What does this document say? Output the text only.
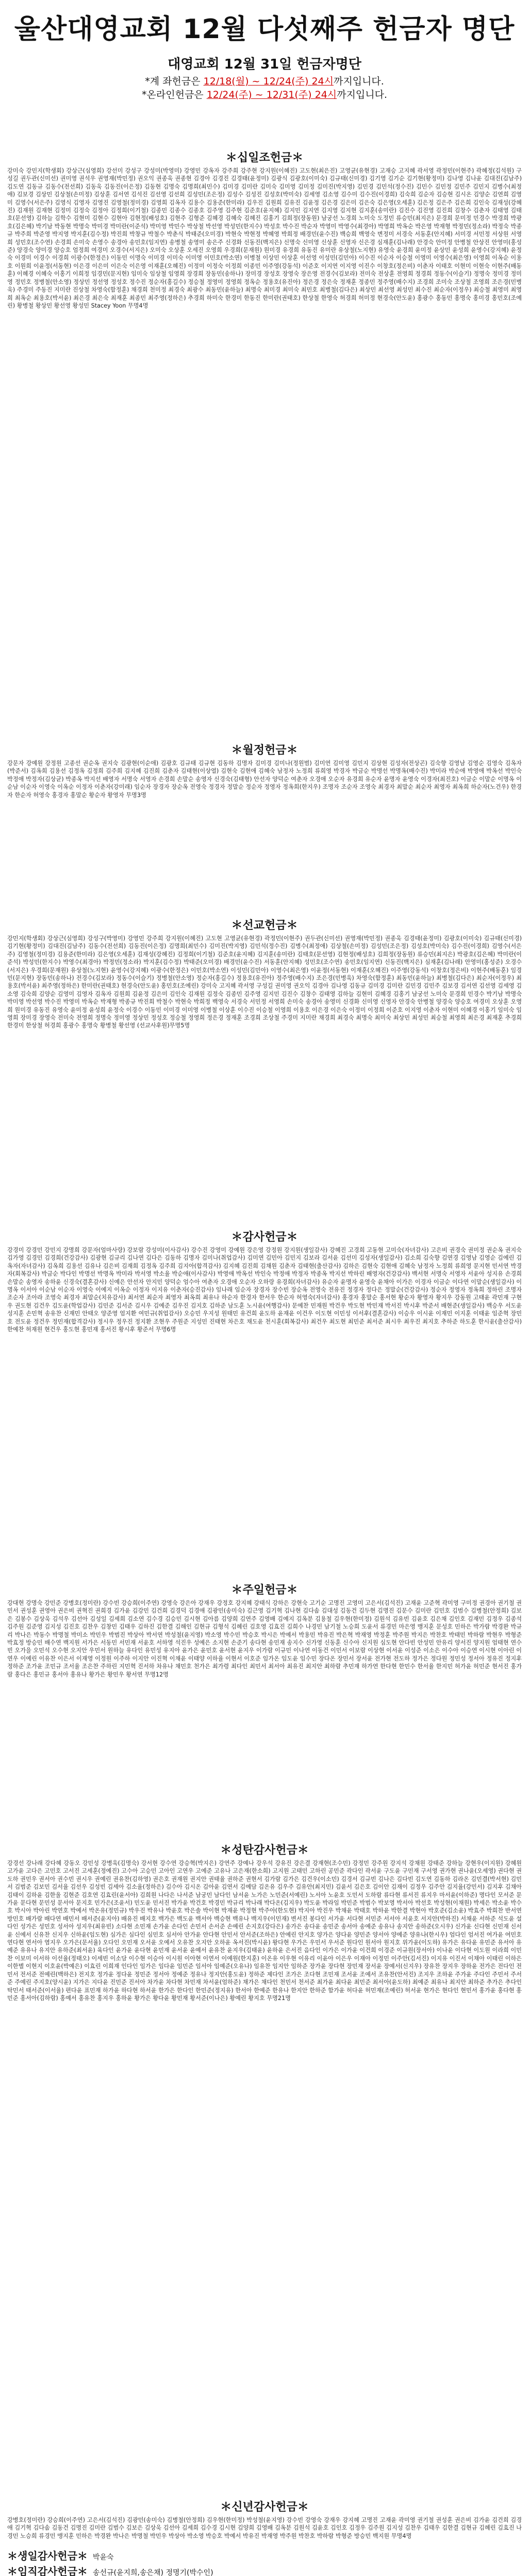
울산대영교회 12월 다섯째주 헌금자 명단
대영교회 12월 31일 헌금자명단
*계 좌헌금은 12/18(월) ~ 12/24(주) 24시까지입니다.
*온라인헌금은 12/24(주) ~ 12/31(주) 24시까지입니다.
＊십일조헌금＊
강미숙 강민지(학생회) 강상근(심영희) 강선미 강성구 강성미(박영미) 강영민 강옥자 강주희 강주현 강지원(이혜진) 고도현(최은진) 고영균(유현경) 고재승 고지혜 곽서영 곽정민(이현주) 곽혜정(김석원) 구성길 권두관(신미선) 권미영 권석우 권영재(박민정) 권오익 권종욱 권종현 김경아 김경진 김경태(윤정미) 김광식 김광호(이미숙) 김규태(신미경) 김기영 김기순 김기현(황정미) 김나영 김나윤 김대진(김남주) 김도연 김동규 김동수(전선희) 김동욱 김동진(이은정) 김동현 김명숙 김명희(최민수) 김미경 김미란 김미숙 김미영 김미정 김미진(박지영) 김민경 김민석(정수진) 김민수 김민정 김민주 김민지 김병수(최정애) 김보경 김상민 김상철(손미정) 김상훈 김서연 김석진 김선영 김선희 김성민(조은정) 김성수 김성진 김성호(박미숙) 김세영 김소영 김수미 김수진(이경희) 김숙희 김순자 김승현 김시온 김양순 김연희 김영미 김영수(서은주) 김영식 김영자 김영진 김영철(정미경) 김영희 김옥자 김용수 김용준(한미라) 김우진 김원희 김유진 김윤정 김은경 김은미 김은숙 김은영(오세훈) 김은정 김은주 김은희 김인숙 김재성(강혜진) 김재원 김재현 김정미 김정숙 김정아 김정희(이기철) 김종민 김종수 김종호 김주영 김주현 김준호(윤지혜) 김지민 김지연 김지영 김지현 김지훈(송미란) 김진수 김진영 김진희 김창수 김춘자 김태영 김태호(문선영) 김하늘 김학수 김현미 김현수 김현아 김현정(배성호) 김현주 김형준 김혜경 김혜숙 김혜진 김홍기 김희정(장동원) 남궁선 노경희 노미숙 도정민 류승민(최지은) 문경희 문미정 민경수 박경희 박광호(김은혜) 박기남 박동현 박명숙 박미경 박미란(이준석) 박미영 박민수 박상철 박선영 박성민(한지수) 박성호 박수진 박순자 박영미 박영수(최경아) 박영희 박옥순 박은영 박재형 박정민(정소라) 박정숙 박종규 박주희 박준영 박지영 박지훈(김수정) 박진희 박창규 박철수 박춘식 박태준(오미경) 박현숙 박현정 박혜영 박희정 배경민(윤수진) 백승희 백영숙 변정미 서경숙 서동훈(안지혜) 서미경 서민정 서상원 서영희 성민호(조수연) 손경희 손미숙 손영수 송경아 송민호(임지연) 송병철 송영미 송은주 신경화 신동진(백지은) 신명숙 신미영 신상훈 신영자 신은경 심재훈(김나래) 안경숙 안미정 안병철 안상진 안영미(홍성준) 양경숙 양미경 양승호 엄정희 여경미 오경수(서지은) 오미숙 오상훈 오세진 오영희 우경희(문재원) 원미경 유경희 유동진 유미란 유상철(노지현) 유영숙 윤경희 윤미정 윤상민 윤성희 윤영수(강지혜) 윤정숙 이경미 이경수 이경희 이광수(한정은) 이동민 이명숙 이미경 이미숙 이미영 이민호(박소연) 이병철 이상민 이상훈 이선영 이성민(김민아) 이수진 이순자 이승철 이영미 이영수(최은영) 이영희 이옥순 이용호 이원희 이윤정(서동현) 이은경 이은미 이은숙 이은영 이재훈(오혜진) 이정미 이정숙 이정희 이종민 이주영(강동석) 이준호 이지연 이지영 이진수 이창호(정은비) 이춘자 이태호 이현미 이현숙 이현주(배동훈) 이혜경 이혜숙 이홍기 이희정 임경민(문지현) 임미숙 임상철 임영희 장경희 장동민(송하나) 장미경 장성호 장영숙 장은영 전경수(김보라) 전미숙 전상훈 전영희 정경희 정동수(이슬기) 정명숙 정미경 정미영 정민호 정병철(안소영) 정상민 정선영 정성호 정수진 정순자(홍길수) 정승철 정영미 정영희 정옥순 정용호(유진아) 정은경 정은숙 정재훈 정종민 정주영(배수지) 조경희 조미숙 조상철 조영희 조은경(민병욱) 주경미 주동진 지미란 진상철 차영숙(함정훈) 채경희 천미정 최경숙 최광수 최동민(윤하늘) 최명숙 최미경 최미숙 최민호 최병철(김다은) 최상민 최선영 최성민 최수진 최순자(이정우) 최승철 최영미 최영희 최옥순 최용호(박서윤) 최은경 최은숙 최재훈 최종민 최주영(정하은) 추경희 하미숙 한경미 한동진 한미란(권태호) 한상철 한영숙 허경희 허미정 현경숙(안도윤) 홍광수 홍동민 홍명숙 홍미경 홍민호(조예린) 황병철 황상민 황선영 황성민 Stacey Yoon 무명4명
＊월정헌금＊
강문자 강예원 강정원 고종선 권순옥 권지숙 김광현(이순애) 김광호 김규태 김규현 김동하 김명자 김미경 김미나(정원범) 김미연 김미영 김민지 김상현 김성자(전상곤) 김숙향 김영남 김영순 김영숙 김옥자(박준서) 김옥희 김용선 김정옥 김정희 김주희 김지혜 김진희 김춘자 김태현(이상열) 김현숙 김현애 김혜숙 남정자 노정희 류희영 박경자 박금순 박명선 박명옥(배수진) 박미라 박순애 박영애 박옥선 박인숙 박정애 박정자(김상균) 박종옥 박지선 배영자 서명숙 서영자 손경희 손말순 송영자 신경숙(김태형) 안선자 양덕순 여춘자 오경애 오순자 유경희 유순자 윤명자 윤영숙 이경자(최진호) 이금순 이말순 이명옥 이순남 이순자 이영숙 이옥순 이정자 이춘자(강미래) 임순자 장경자 장순옥 전영숙 정경자 정말순 정순자 정영자 정옥희(한지우) 조명자 조순자 조영숙 최경자 최말순 최순자 최영자 최옥희 하순자(노건우) 한경자 한순자 허영숙 홍경자 홍말순 황순자 황영자 무명3명
＊선교헌금＊
강민지(학생회) 강상근(심영희) 강성구(박영미) 강영민 강주희 강지원(이혜진) 고도현 고영균(유현경) 곽정민(이현주) 권두관(신미선) 권영재(박민정) 권종욱 김경태(윤정미) 김광호(이미숙) 김규태(신미경) 김기현(황정미) 김대진(김남주) 김동수(전선희) 김동진(이은정) 김명희(최민수) 김미진(박지영) 김민석(정수진) 김병수(최정애) 김상철(손미정) 김성민(조은정) 김성호(박미숙) 김수진(이경희) 김영수(서은주) 김영철(정미경) 김용준(한미라) 김은영(오세훈) 김재성(강혜진) 김정희(이기철) 김준호(윤지혜) 김지훈(송미란) 김태호(문선영) 김현정(배성호) 김희정(장동원) 류승민(최지은) 박광호(김은혜) 박미란(이준석) 박성민(한지수) 박영수(최경아) 박정민(정소라) 박지훈(김수정) 박태준(오미경) 배경민(윤수진) 서동훈(안지혜) 성민호(조수연) 송민호(임지연) 신동진(백지은) 심재훈(김나래) 안영미(홍성준) 오경수(서지은) 우경희(문재원) 유상철(노지현) 윤영수(강지혜) 이광수(한정은) 이민호(박소연) 이성민(김민아) 이영수(최은영) 이윤정(서동현) 이재훈(오혜진) 이주영(강동석) 이창호(정은비) 이현주(배동훈) 임경민(문지현) 장동민(송하나) 전경수(김보라) 정동수(이슬기) 정병철(안소영) 정순자(홍길수) 정용호(유진아) 정주영(배수지) 조은경(민병욱) 차영숙(함정훈) 최동민(윤하늘) 최병철(김다은) 최순자(이정우) 최용호(박서윤) 최주영(정하은) 한미란(권태호) 현경숙(안도윤) 홍민호(조예린) 강미숙 고지혜 곽서영 구성길 권미영 권오익 김경아 김나영 김동규 김미경 김미란 김민경 김민주 김보경 김서연 김선영 김세영 김소영 김숙희 김양순 김영미 김영자 김옥자 김원희 김윤정 김은미 김인숙 김재원 김정숙 김종민 김주영 김지민 김진수 김창수 김태영 김하늘 김현미 김혜경 김홍기 남궁선 노미숙 문경희 민경수 박기남 박명숙 박미영 박선영 박수진 박영미 박옥순 박재형 박종규 박진희 박철수 박현숙 박희정 백영숙 서경숙 서민정 서영희 손미숙 송경아 송영미 신경화 신미영 신영자 안경숙 안병철 양경숙 양승호 여경미 오상훈 오영희 원미경 유동진 유영숙 윤미정 윤성희 윤정숙 이경수 이동민 이미경 이미영 이병철 이상훈 이수진 이승철 이영희 이용호 이은경 이은숙 이정미 이정희 이준호 이지영 이춘자 이현미 이혜경 이홍기 임미숙 임영희 장미경 장영숙 전미숙 전영희 정명숙 정미영 정상민 정성호 정승철 정영희 정은경 정재훈 조경희 조상철 주경미 지미란 채경희 최경숙 최명숙 최미숙 최상민 최성민 최승철 최영희 최은경 최재훈 추경희 한경미 한상철 허경희 홍광수 홍명숙 황병철 황선영 (선교사후원)무명5명
＊감사헌금＊
강경미 강경민 강민지 강명희 강문자(엄마사랑) 강보람 강성미(이사감사) 강수진 강영미 강예원 강은영 강정원 강지원(생일감사) 강혜진 고경희 고동현 고미숙(자녀감사) 고은비 권경숙 권미정 권순옥 권지숙 김가영 김경민 김경희(건강감사) 김광현 김규리 김나연 김다은 김동하 김명자 김미나(취업감사) 김미연 김민아 김민지 김보라 김서윤 김선미 김성자(생일감사) 김소희 김숙향 김연경 김영남 김영순 김예린 김옥자(자녀감사) 김옥희 김용선 김유나 김은비 김재희 김정옥 김주희 김지아(합격감사) 김지혜 김진희 김채원 김춘자 김태현(출산감사) 김하은 김현숙 김현애 김혜숙 남정자 노정희 류희영 문지현 민서연 박경자(회복감사) 박금순 박다인 박명선 박명옥 박미라 박서영 박소율 박순애(이사감사) 박영애 박옥선 박인숙 박정애 박정자 박종옥 박지선 박하린 배영자(건강감사) 백서현 서명숙 서영자 서윤아 성지유 손경희 손말순 송영자 송하윤 신경숙(결혼감사) 신예은 안선자 안지민 양덕순 엄수아 여춘자 오경애 오순자 오하랑 유경희(자녀감사) 유순자 윤명자 윤영숙 윤채아 이가은 이경자 이금순 이다연 이말순(생일감사) 이명옥 이서아 이순남 이순자 이영숙 이예지 이옥순 이정자 이지유 이춘자(승진감사) 임나래 임순자 장경자 장수빈 장순옥 전영숙 전유진 정경자 정다은 정말순(건강감사) 정순자 정영자 정옥희 정하린 조명자 조순자 조아라 조영숙 최경자 최말순(치유감사) 최서연 최순자 최영자 최옥희 최유나 하순자 한경자 한서우 한순자 허영숙(자녀감사) 홍경자 홍말순 홍서현 황순자 황영자 황지우 강동원 고태윤 곽민재 구현우 권도현 김건우 김도윤(학업감사) 김민준 김서준 김시우 김예준 김우진 김지호 김하준 남도훈 노시윤(여행감사) 문예찬 민재원 박건우 박도현 박민재 박서진 박시후 박준서 배현준(생일감사) 백승우 서도윤 성지훈 손민혁 송유찬 신재민 안태오 양준영 엄지환 여민규(취업감사) 오승민 우지성 원태민 유건희 윤도하 윤재윤 이건우 이도현 이민성 이서후(결혼감사) 이승우 이시윤 이재민 이지훈 이태윤 임준혁 장민호 전도윤 정건우 정민재(합격감사) 정시우 정우진 정지환 조현우 주원준 지성민 진태현 차은호 채도윤 천시훈(회복감사) 최건우 최도현 최민준 최서준 최시우 최우진 최지호 추하준 하도훈 한시윤(출산감사) 한예찬 허재원 현건우 홍도현 홍민재 홍서진 황시후 황준서 무명6명
＊주일헌금＊
강대현 강명숙 강민준 강병호(정미란) 강수빈 강승희(이주연) 강영숙 강은아 강재우 강정호 강지혜 강태식 강하은 강현숙 고기순 고명진 고영미 고은서(김석진) 고재윤 고준혁 곽미영 구미정 권경아 권기철 권민서 권성훈 권영아 권은비 권혁진 권희경 김가윤 김강민 김건희 김경덕 김경애 김광민(송미숙) 김근영 김기혁 김나현 김다솜 김대성 김동건 김두현 김명진 김문수 김미란 김민호 김범수 김병철(안정희) 김보은 김봉수 김상욱 김석우 김선아 김성일 김세희 김소연 김수경 김승민 김시현 김아름 김양희 김연주 김영배 김예지 김옥분 김용철 김우현(한미정) 김원석 김유빈 김윤호 김은채 김인호 김재민 김정우 김종석 김주원 김준영 김지성 김진호 김찬우 김창민 김태우 김하진 김한결 김해인 김현규 김형석 김혜린 김호영 김효진 김희수 나경민 남기철 노승희 도윤서 류경민 마은영 맹지훈 문성호 민하은 박가람 박경완 박규리 박나은 박동수 박명철 박미소 박민우 박범진 박상아 박서연 박성철(윤지영) 박소영 박수민 박승호 박시은 박예서 박용민 박유진 박은혁 박재영 박정훈 박주원 박지은 박찬호 박태민 박하람 박현우 박형준 박효정 방승민 배수연 백지원 서가은 서동민 서민재 서윤호 서하영 석진우 성예은 소지현 손준기 송다현 송민재 송지수 신가영 신동훈 신수아 신지원 심도현 안다빈 안성민 안유리 양서진 양지원 엄태현 연수빈 오가을 오민석 오수현 오지안 우민서 원하늘 유다인 유민성 유지아 윤가은 윤민호 윤서현 윤지우 이가람 이규민 이나연 이동건 이민서 이보람 이상현 이서윤 이성준 이소은 이수아 이승연 이시현 이아린 이연우 이예린 이유찬 이은서 이재영 이정원 이주하 이지안 이진혁 이채윤 이태양 이하율 이현서 이호준 임가온 임도윤 임수민 장다온 장민서 장서윤 전가현 전도하 정가은 정다원 정민성 정서아 정유진 정지후 정하준 조가윤 조민규 조서율 조은찬 주하린 지민혁 진서하 차유나 채민호 천가은 최가령 최다인 최민서 최서아 최유진 최지안 최하람 추민재 하가연 한다현 한민수 한서율 한지민 허가윤 허민준 현서진 홍가람 홍다은 홍민규 홍서아 홍유나 황가은 황민우 황서연 무명12명
＊성탄감사헌금＊
강경선 강나래 강다혜 강동오 강민성 강병욱(김명숙) 강서현 강수연 강승혁(박지은) 강연주 강예나 강우석 강유진 강은결 강재현(조수민) 강정민 강주원 강지석 강채원 강태준 강하늘 강현우(이지원) 강혜원 고가윤 고다은 고민호 고서진 고세훈(정예진) 고수아 고승민 고아인 고연우 고예준 고유나 고은재(한소희) 고지원 고태민 고하린 공민준 곽다인 곽서윤 구도윤 구민재 구서영 권가현 권나윤(오세영) 권다현 권도하 권민우 권서아 권수빈 권시우 권예린 권유찬(김하영) 권은호 권재원 권지안 권태율 권하준 권현서 김가람 김가은 김건우(이소민) 김경서 김규빈 김나은 김다빈 김도연 김동하 김라온 김민결(박서현) 김민서 김범준 김보민 김서율 김선우 김성빈 김세아 김소율(정하은) 김수아 김시온 김아윤 김연서 김예담 김온유 김우주 김유안(최지민) 김윤서 김은호 김이안 김재이 김정우 김주안 김지율(강민서) 김지후 김채아 김태이 김하윤 김한울 김현준 김호연 김효린(윤서아) 김희원 나다은 나서준 남궁민 남다인 남서윤 노가은 노민준(서예린) 노서아 노윤호 도민서 도하람 류다현 류서진 류지우 마서윤(이하준) 명다인 모서준 문가윤 문다현 문민성 문서아 문지호 민가은(조윤서) 민도윤 민서진 박가윤 박건호 박경민 박규리 박나래 박다온(김지우) 박도윤 박라임 박민준 박범수 박보영 박서아 박선호 박성현(이채원) 박세은 박소윤 박수호 박시아 박아린 박연호 박예서 박온유(정민규) 박우진 박유나 박윤호 박은솔 박이현 박재윤 박정현 박주아(한도현) 박지아 박진우 박채윤 박태호 박하윤 박한결 박현아 박호준(김소윤) 박효주 박희찬 반서연 방민호 배가람 배다연 배민서 배서준(윤지아) 배유진 배지호 백가은 백도윤 백서아 백승현 백유나 백지우(이민재) 변서진 봉다인 서가윤 서다현 서민준 서서아 서윤호 서지안(박하진) 서채윤 서하준 석도윤 설다인 성가은 성민호 성서아 성지우(최유빈) 소다현 소민재 손가윤 손다인 손민서 손서준 손예린 손지호(강다은) 송가은 송다윤 송민준 송서아 송예준 송유나 송지안 송하준(오시우) 신가윤 신다현 신민재 신서윤 신예서 신유찬 신지우 신하윤(임도현) 심가은 심다인 심민호 심서아 안가윤 안다현 안민서 안서준(조하은) 안예린 안지호 양가은 양다윤 양민준 양서아 양예준 양유나(한시우) 엄다인 엄서진 여가윤 여민호 연다현 연서아 염지우 오가은(문서율) 오다인 오민재 오서윤 오예서 오유찬 오지안 오하윤 옥서진(박시윤) 왕다현 우가은 우민서 우서준 원다인 원서아 원지호 위가윤(이도하) 유가은 유다윤 유민준 유서아 유예준 유유나 유지안 유하준(최서윤) 육다인 윤가윤 윤다현 윤민재 윤서윤 윤예서 윤유찬 윤지우(김태윤) 윤하윤 은서진 음다인 이가은 이가윤 이건희 이경준 이규원(장서아) 이나윤 이다현 이도원 이라희 이민찬 이보미 이서하 이선율(정태오) 이세빈 이소담 이수현 이승아 이시원 이아현 이연서 이예원(한지훈) 이온유 이우현 이유리 이윤아 이은우 이재아 이정민 이주안(김서진) 이지유 이진서 이채아 이태린 이하은 이한별 이현지 이호윤(박예은) 이효린 이희재 인다인 임가은 임다윤 임민준 임서아 임예준(오유나) 임유찬 임지안 임하준 장가윤 장다현 장민재 장서윤 장예서(신지우) 장유찬 장지우 장하윤 전가은 전다인 전민서 전서준 전예린(백하은) 전지호 정가윤 정다윤 정민준 정서아 정예준 정유나 정지안(홍도윤) 정하준 제다인 조가은 조다현 조민재 조서윤 조예서 조유찬(안서진) 조지우 조하윤 주가윤 주다인 주민서 주서준 주예린 주지호(양시윤) 지가은 지다윤 진민준 진서아 차가윤 차다현 차민재 차서윤(엄하준) 채가은 채다인 천민서 천서준 최가윤 최다윤 최민준 최서아(윤도하) 최예준 최유나 최지안 최하준 추가은 추다인 탁민서 태서준(이서율) 편다윤 표민재 하가윤 하다현 하서윤 한가은 한다인 한민준(정지유) 한서아 한예준 한유나 한지안 한하준 함가윤 허다윤 허민재(조예린) 허서윤 현가은 현다인 현민서 홍가윤 홍다현 홍민준 홍서아(김하람) 홍예서 홍유찬 홍지우 홍하윤 황가은 황다윤 황민재 황서준(이나은) 황예린 황지호 무명21명
＊신년감사헌금＊
강병호(정미란) 강승희(이주연) 고은서(김석진) 김광민(송미숙) 김병철(안정희) 김우현(한미정) 박성철(윤지영) 강수빈 강영숙 강재우 강지혜 고명진 고재윤 곽미영 권기철 권성훈 권은비 김가윤 김건희 김경애 김기혁 김다솜 김동건 김명진 김미란 김범수 김보은 김상욱 김선아 김세희 김수경 김시현 김양희 김영배 김옥분 김원석 김윤호 김인호 김정우 김주원 김지성 김찬우 김태우 김한결 김현규 김혜린 김효진 나경민 노승희 류경민 맹지훈 민하은 박경완 박나은 박명철 박민우 박상아 박소영 박승호 박예서 박유진 박재영 박주원 박찬호 박하람 박형준 방승민 백지원 무명4명
＊생일감사헌금＊ 박윤숙
＊임직감사헌금＊ 송선규(윤지희,송은채) 정명기(박수인)
